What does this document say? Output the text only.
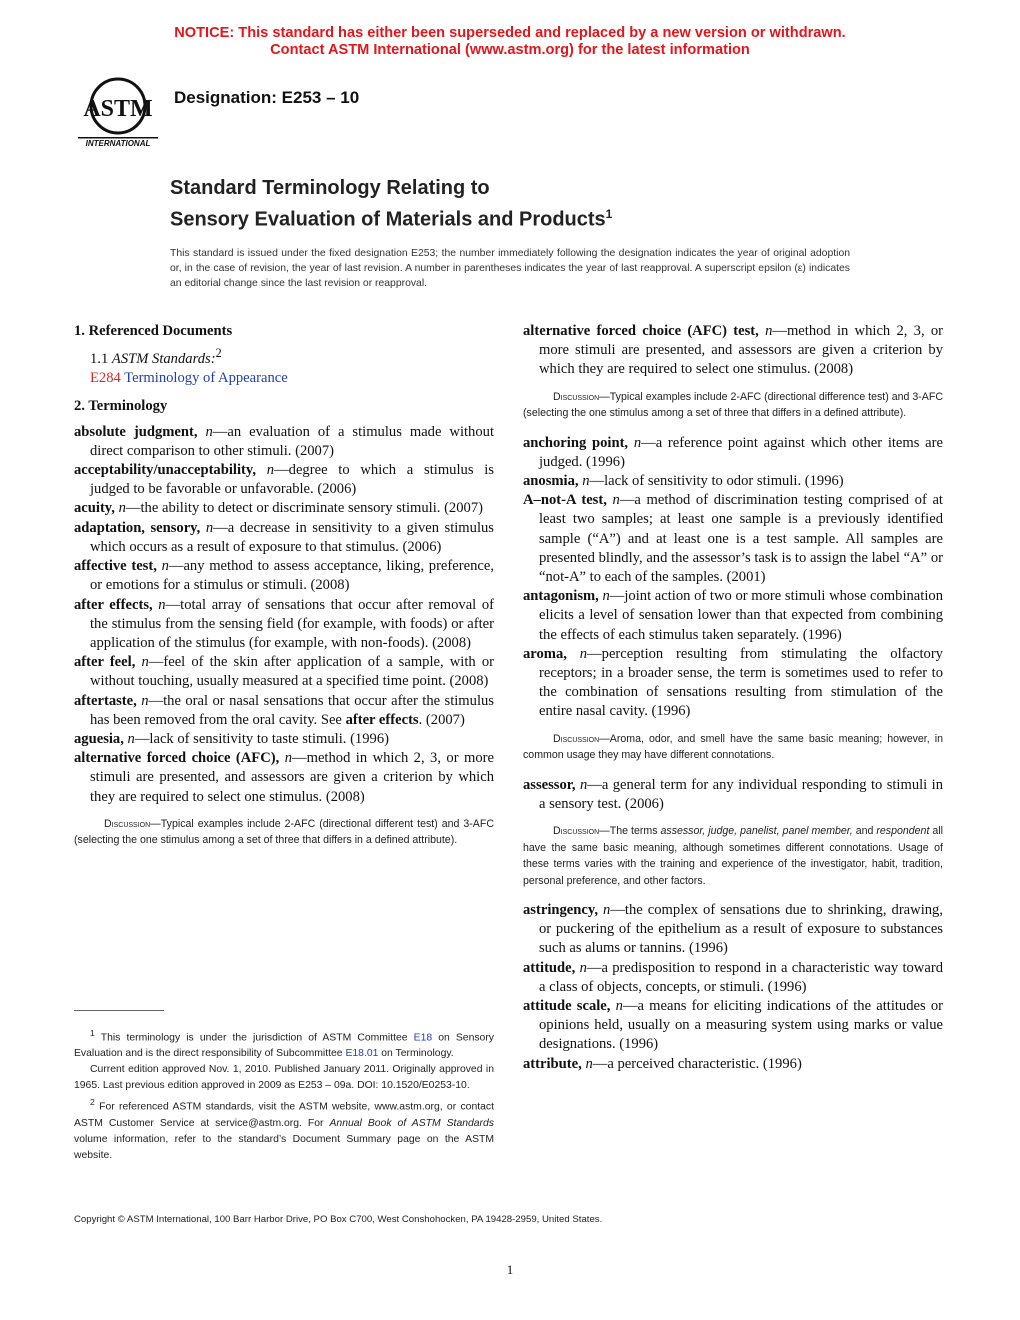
NOTICE: This standard has either been superseded and replaced by a new version or withdrawn.
Contact ASTM International (www.astm.org) for the latest information
ASTM
INTERNATIONAL
Designation: E253 – 10
Standard Terminology Relating to
Sensory Evaluation of Materials and Products$^1$
This standard is issued under the fixed designation E253; the number immediately following the designation indicates the year of original adoption or, in the case of revision, the year of last revision. A number in parentheses indicates the year of last reapproval. A superscript epsilon (ε) indicates an editorial change since the last revision or reapproval.
1. Referenced Documents
1.1 ASTM Standards:$^2$
E284 Terminology of Appearance
2. Terminology
absolute judgment, n—an evaluation of a stimulus made without direct comparison to other stimuli. (2007)
acceptability/unacceptability, n—degree to which a stimulus is judged to be favorable or unfavorable. (2006)
acuity, n—the ability to detect or discriminate sensory stimuli. (2007)
adaptation, sensory, n—a decrease in sensitivity to a given stimulus which occurs as a result of exposure to that stimulus. (2006)
affective test, n—any method to assess acceptance, liking, preference, or emotions for a stimulus or stimuli. (2008)
after effects, n—total array of sensations that occur after removal of the stimulus from the sensing field (for example, with foods) or after application of the stimulus (for example, with non-foods). (2008)
after feel, n—feel of the skin after application of a sample, with or without touching, usually measured at a specified time point. (2008)
aftertaste, n—the oral or nasal sensations that occur after the stimulus has been removed from the oral cavity. See after effects. (2007)
aguesia, n—lack of sensitivity to taste stimuli. (1996)
alternative forced choice (AFC), n—method in which 2, 3, or more stimuli are presented, and assessors are given a criterion by which they are required to select one stimulus. (2008)
Discussion—Typical examples include 2-AFC (directional different test) and 3-AFC (selecting the one stimulus among a set of three that differs in a defined attribute).
alternative forced choice (AFC) test, n—method in which 2, 3, or more stimuli are presented, and assessors are given a criterion by which they are required to select one stimulus. (2008)
Discussion—Typical examples include 2-AFC (directional difference test) and 3-AFC (selecting the one stimulus among a set of three that differs in a defined attribute).
anchoring point, n—a reference point against which other items are judged. (1996)
anosmia, n—lack of sensitivity to odor stimuli. (1996)
A–not-A test, n—a method of discrimination testing comprised of at least two samples; at least one sample is a previously identified sample (“A”) and at least one is a test sample. All samples are presented blindly, and the assessor’s task is to assign the label “A” or “not-A” to each of the samples. (2001)
antagonism, n—joint action of two or more stimuli whose combination elicits a level of sensation lower than that expected from combining the effects of each stimulus taken separately. (1996)
aroma, n—perception resulting from stimulating the olfactory receptors; in a broader sense, the term is sometimes used to refer to the combination of sensations resulting from stimulation of the entire nasal cavity. (1996)
Discussion—Aroma, odor, and smell have the same basic meaning; however, in common usage they may have different connotations.
assessor, n—a general term for any individual responding to stimuli in a sensory test. (2006)
Discussion—The terms assessor, judge, panelist, panel member, and respondent all have the same basic meaning, although sometimes different connotations. Usage of these terms varies with the training and experience of the investigator, habit, tradition, personal preference, and other factors.
astringency, n—the complex of sensations due to shrinking, drawing, or puckering of the epithelium as a result of exposure to substances such as alums or tannins. (1996)
attitude, n—a predisposition to respond in a characteristic way toward a class of objects, concepts, or stimuli. (1996)
attitude scale, n—a means for eliciting indications of the attitudes or opinions held, usually on a measuring system using marks or value designations. (1996)
attribute, n—a perceived characteristic. (1996)

$^1$ This terminology is under the jurisdiction of ASTM Committee E18 on Sensory Evaluation and is the direct responsibility of Subcommittee E18.01 on Terminology.

Current edition approved Nov. 1, 2010. Published January 2011. Originally approved in 1965. Last previous edition approved in 2009 as E253 – 09a. DOI: 10.1520/E0253-10.

$^2$ For referenced ASTM standards, visit the ASTM website, www.astm.org, or contact ASTM Customer Service at service@astm.org. For Annual Book of ASTM Standards volume information, refer to the standard’s Document Summary page on the ASTM website.

Copyright © ASTM International, 100 Barr Harbor Drive, PO Box C700, West Conshohocken, PA 19428-2959, United States.
1
